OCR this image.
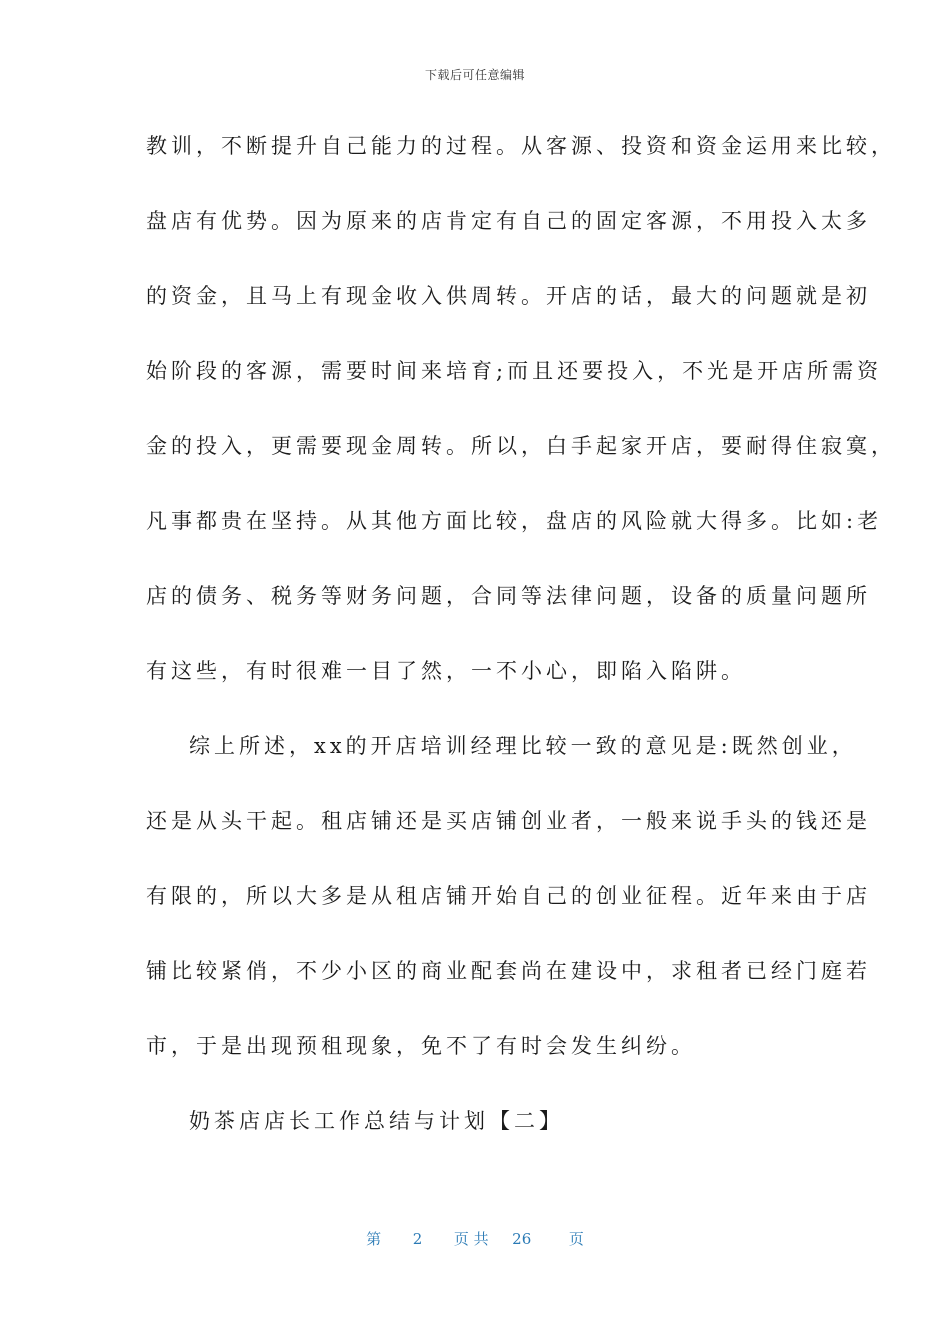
下载后可任意编辑
教训，不断提升自己能力的过程。从客源、投资和资金运用来比较，
盘店有优势。因为原来的店肯定有自己的固定客源，不用投入太多
的资金，且马上有现金收入供周转。开店的话，最大的问题就是初
始阶段的客源，需要时间来培育;而且还要投入，不光是开店所需资
金的投入，更需要现金周转。所以，白手起家开店，要耐得住寂寞，
凡事都贵在坚持。从其他方面比较，盘店的风险就大得多。比如:老
店的债务、税务等财务问题，合同等法律问题，设备的质量问题所
有这些，有时很难一目了然，一不小心，即陷入陷阱。
综上所述，xx的开店培训经理比较一致的意见是:既然创业，
还是从头干起。租店铺还是买店铺创业者，一般来说手头的钱还是
有限的，所以大多是从租店铺开始自己的创业征程。近年来由于店
铺比较紧俏，不少小区的商业配套尚在建设中，求租者已经门庭若
市，于是出现预租现象，免不了有时会发生纠纷。
奶茶店店长工作总结与计划【二】
第 2 页 共 26	页
